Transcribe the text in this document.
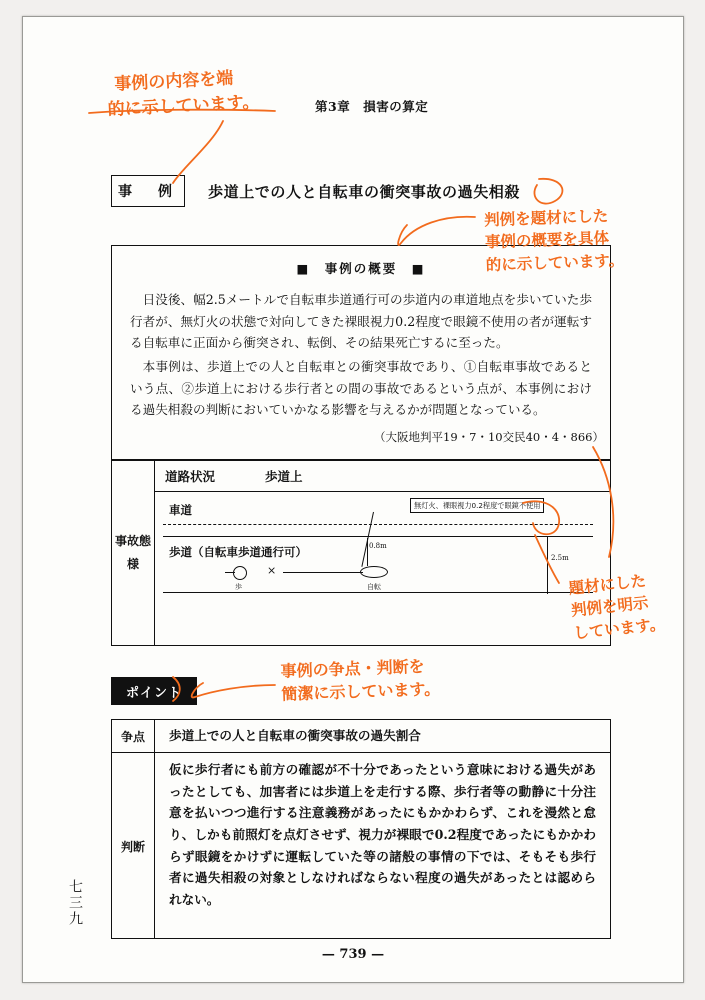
第3章　損害の算定
事　例	歩道上での人と自転車の衝突事故の過失相殺
■　事例の概要　■

日没後、幅2.5メートルで自転車歩道通行可の歩道内の車道地点を歩いていた歩行者が、無灯火の状態で対向してきた裸眼視力0.2程度で眼鏡不使用の者が運転する自転車に正面から衝突され、転倒、その結果死亡するに至った。

本事例は、歩道上での人と自転車との衝突事故であり、①自転車事故であるという点、②歩道上における歩行者との間の事故であるという点が、本事例における過失相殺の判断においていかなる影響を与えるかが問題となっている。

（大阪地判平19・7・10交民40・4・866）
事故態様
道路状況	歩道上
車道
歩道（自転車歩道通行可）
無灯火、裸眼視力0.2程度で眼鏡不使用
歩
×
自転
0.8m
2.5m
ポイント
争点	歩道上での人と自転車の衝突事故の過失割合
判断
仮に歩行者にも前方の確認が不十分であったという意味における過失があったとしても、加害者には歩道上を走行する際、歩行者等の動静に十分注意を払いつつ進行する注意義務があったにもかかわらず、これを漫然と怠り、しかも前照灯を点灯させず、視力が裸眼で0.2程度であったにもかかわらず眼鏡をかけずに運転していた等の諸般の事情の下では、そもそも歩行者に過失相殺の対象としなければならない程度の過失があったとは認められない。
七三九
— 739 —
事例の内容を端
的に示しています。
判例を題材にした
事例の概要を具体
的に示しています。
題材にした
判例を明示
しています。
事例の争点・判断を
簡潔に示しています。
